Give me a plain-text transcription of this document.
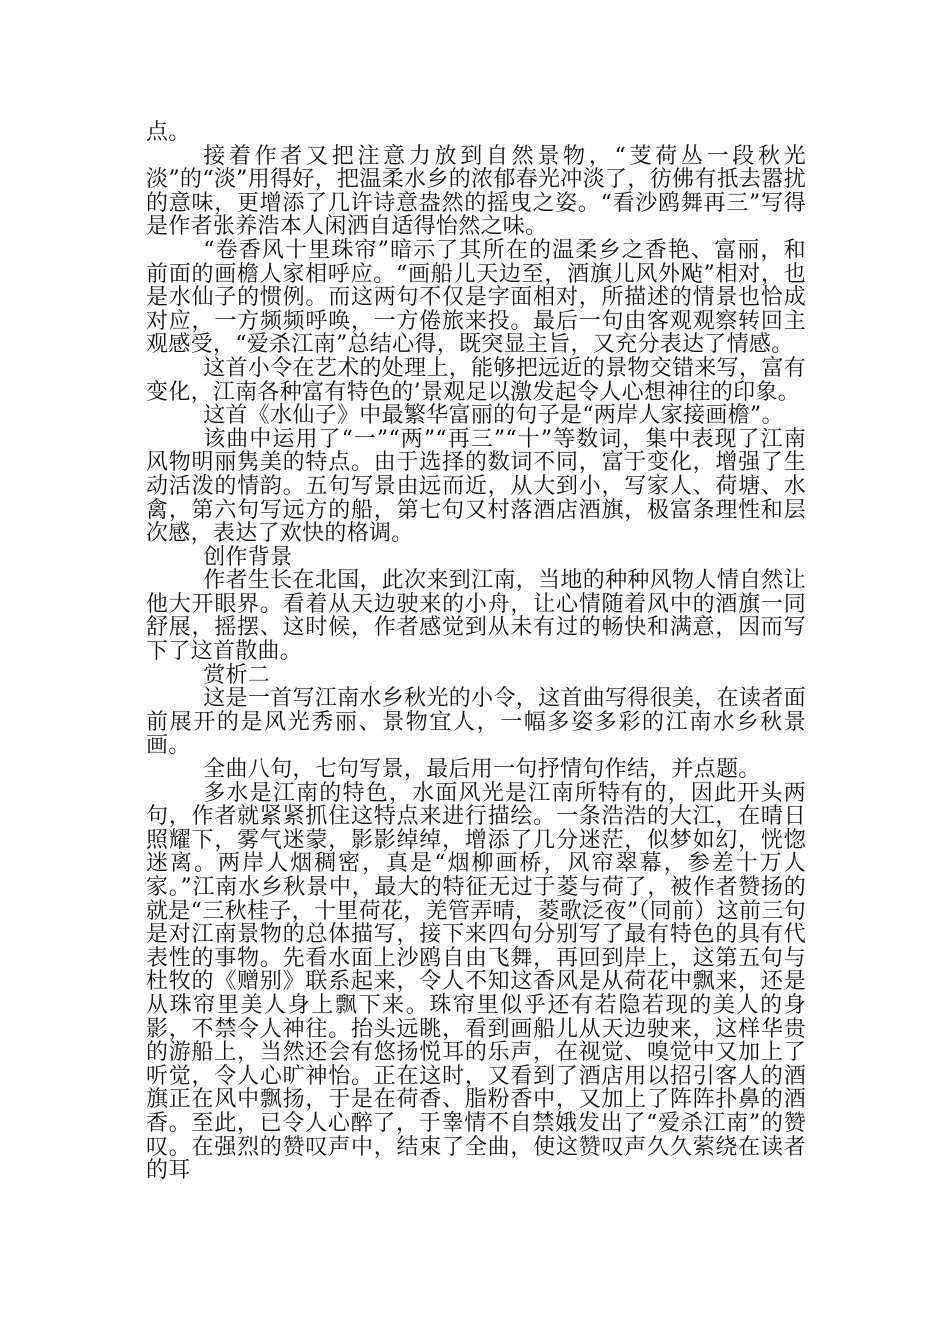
点。

接着作者又把注意力放到自然景物，“芰荷丛一段秋光淡”的“淡”用得好，把温柔水乡的浓郁春光冲淡了，彷佛有扺去嚣扰的意味，更增添了几许诗意盎然的摇曳之姿。“看沙鸥舞再三”写得是作者张养浩本人闲洒自适得怡然之味。

“卷香风十里珠帘”暗示了其所在的温柔乡之香艳、富丽，和前面的画檐人家相呼应。“画船儿天边至，酒旗儿风外飐”相对，也是水仙子的惯例。而这两句不仅是字面相对，所描述的情景也恰成对应，一方频频呼唤，一方倦旅来投。最后一句由客观观察转回主观感受，“爱杀江南”总结心得，既突显主旨，又充分表达了情感。

这首小令在艺术的处理上，能够把远近的景物交错来写，富有变化，江南各种富有特色的’景观足以激发起令人心想神往的印象。

这首《水仙子》中最繁华富丽的句子是“两岸人家接画檐”。

该曲中运用了“一”“两”“再三”“十”等数词，集中表现了江南风物明丽隽美的特点。由于选择的数词不同，富于变化，增强了生动活泼的情韵。五句写景由远而近，从大到小，写家人、荷塘、水禽，第六句写远方的船，第七句又村落酒店酒旗，极富条理性和层次感，表达了欢快的格调。

创作背景

作者生长在北国，此次来到江南，当地的种种风物人情自然让他大开眼界。看着从天边驶来的小舟，让心情随着风中的酒旗一同舒展，摇摆、这时候，作者感觉到从未有过的畅快和满意，因而写下了这首散曲。

赏析二

这是一首写江南水乡秋光的小令，这首曲写得很美，在读者面前展开的是风光秀丽、景物宜人，一幅多姿多彩的江南水乡秋景画。

全曲八句，七句写景，最后用一句抒情句作结，并点题。

多水是江南的特色，水面风光是江南所特有的，因此开头两句，作者就紧紧抓住这特点来进行描绘。一条浩浩的大江，在晴日照耀下，雾气迷蒙，影影绰绰，增添了几分迷茫，似梦如幻，恍惚迷离。两岸人烟稠密，真是“烟柳画桥，风帘翠幕，参差十万人家。”江南水乡秋景中，最大的特征无过于菱与荷了，被作者赞扬的就是“三秋桂子，十里荷花，羌管弄晴，菱歌泛夜”（同前）这前三句是对江南景物的总体描写，接下来四句分别写了最有特色的具有代表性的事物。先看水面上沙鸥自由飞舞，再回到岸上，这第五句与杜牧的《赠别》联系起来，令人不知这香风是从荷花中飘来，还是从珠帘里美人身上飘下来。珠帘里似乎还有若隐若现的美人的身影，不禁令人神往。抬头远眺，看到画船儿从天边驶来，这样华贵的游船上，当然还会有悠扬悦耳的乐声，在视觉、嗅觉中又加上了听觉，令人心旷神怡。正在这时，又看到了酒店用以招引客人的酒旗正在风中飘扬，于是在荷香、脂粉香中，又加上了阵阵扑鼻的酒香。至此，已令人心醉了，于睾情不自禁娥发出了“爱杀江南”的赞叹。在强烈的赞叹声中，结束了全曲，使这赞叹声久久萦绕在读者的耳
